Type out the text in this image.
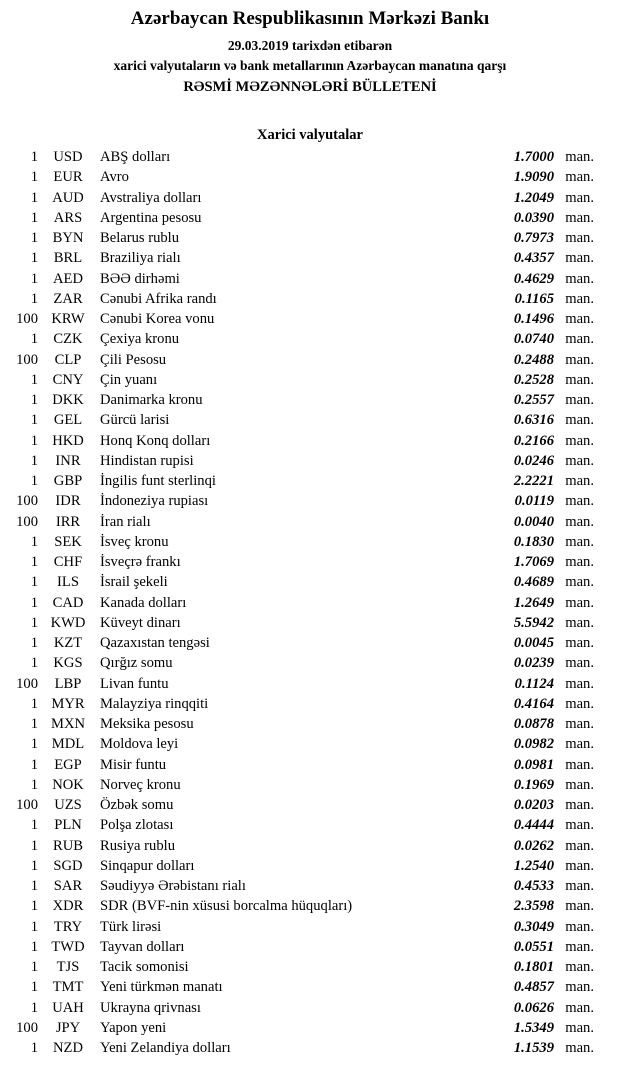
Azərbaycan Respublikasının Mərkəzi Bankı
29.03.2019 tarixdən etibarən
xarici valyutaların və bank metallarının Azərbaycan manatına qarşı
RƏSMİ MƏZƏNNƏLƏRİ BÜLLETENİ
Xarici valyutalar
1	USD	ABŞ dolları	1.7000 man.
1	EUR	Avro	1.9090 man.
1 AUD	Avstraliya dolları	1.2049 man.
1	ARS	Argentina pesosu	0.0390 man.
1 BYN	Belarus rublu	0.7973 man.
1	BRL	Braziliya rialı	0.4357 man.
1	AED	BƏƏ dirhəmi	0.4629 man.
1	ZAR	Cənubi Afrika randı	0.1165 man.
100 KRW	Cənubi Korea vonu	0.1496 man.
1	CZK	Çexiya kronu	0.0740 man.
100	CLP	Çili Pesosu	0.2488 man.
1 CNY	Çin yuanı	0.2528 man.
1 DKK	Danimarka kronu	0.2557 man.
1	GEL	Gürcü larisi	0.6316 man.
1 HKD	Honq Konq dolları	0.2166 man.
1	INR	Hindistan rupisi	0.0246 man.
1	GBP	İngilis funt sterlinqi	2.2221 man.
100	IDR	İndoneziya rupiası	0.0119 man.
100	IRR	İran rialı	0.0040 man.
1	SEK	İsveç kronu	0.1830 man.
1	CHF	İsveçrə frankı	1.7069 man.
1	ILS	İsrail şekeli	0.4689 man.
1 CAD	Kanada dolları	1.2649 man.
1 KWD Küveyt dinarı	5.5942 man.
1	KZT	Qazaxıstan tengəsi	0.0045 man.
1	KGS	Qırğız somu	0.0239 man.
100	LBP	Livan funtu	0.1124 man.
1 MYR	Malayziya rinqqiti	0.4164 man.
1 MXN	Meksika pesosu	0.0878 man.
1 MDL	Moldova leyi	0.0982 man.
1	EGP	Misir funtu	0.0981 man.
1 NOK	Norveç kronu	0.1969 man.
100	UZS	Özbək somu	0.0203 man.
1	PLN	Polşa zlotası	0.4444 man.
1	RUB	Rusiya rublu	0.0262 man.
1	SGD	Sinqapur dolları	1.2540 man.
1	SAR	Səudiyyə Ərəbistanı rialı	0.4533 man.
1 XDR	SDR (BVF-nin xüsusi borcalma hüquqları)	2.3598 man.
1	TRY	Türk lirəsi	0.3049 man.
1 TWD	Tayvan dolları	0.0551 man.
1	TJS	Tacik somonisi	0.1801 man.
1 TMT	Yeni türkmən manatı	0.4857 man.
1 UAH	Ukrayna qrivnası	0.0626 man.
100	JPY	Yapon yeni	1.5349 man.
1	NZD	Yeni Zelandiya dolları	1.1539 man.
